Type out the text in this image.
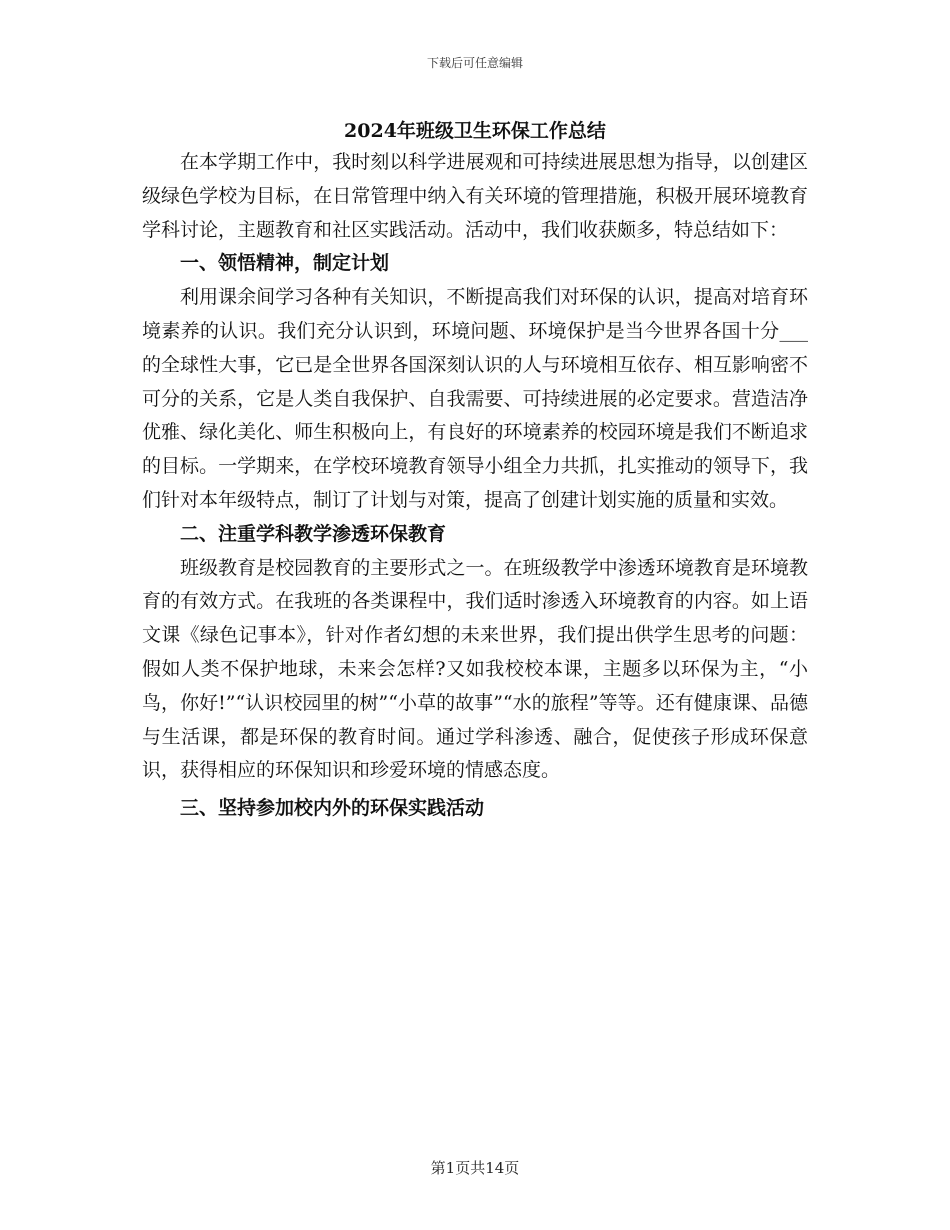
下载后可任意编辑
2024年班级卫生环保工作总结

在本学期工作中，我时刻以科学进展观和可持续进展思想为指导，以创建区级绿色学校为目标，在日常管理中纳入有关环境的管理措施，积极开展环境教育学科讨论，主题教育和社区实践活动。活动中，我们收获颇多，特总结如下：

一、领悟精神，制定计划

利用课余间学习各种有关知识，不断提高我们对环保的认识，提高对培育环境素养的认识。我们充分认识到，环境问题、环境保护是当今世界各国十分___的全球性大事，它已是全世界各国深刻认识的人与环境相互依存、相互影响密不可分的关系，它是人类自我保护、自我需要、可持续进展的必定要求。营造洁净优雅、绿化美化、师生积极向上，有良好的环境素养的校园环境是我们不断追求的目标。一学期来，在学校环境教育领导小组全力共抓，扎实推动的领导下，我们针对本年级特点，制订了计划与对策，提高了创建计划实施的质量和实效。

二、注重学科教学渗透环保教育

班级教育是校园教育的主要形式之一。在班级教学中渗透环境教育是环境教育的有效方式。在我班的各类课程中，我们适时渗透入环境教育的内容。如上语文课《绿色记事本》，针对作者幻想的未来世界，我们提出供学生思考的问题：假如人类不保护地球，未来会怎样?又如我校校本课，主题多以环保为主，“小鸟，你好!”“认识校园里的树”“小草的故事”“水的旅程”等等。还有健康课、品德与生活课，都是环保的教育时间。通过学科渗透、融合，促使孩子形成环保意识，获得相应的环保知识和珍爱环境的情感态度。

三、坚持参加校内外的环保实践活动

第1页共14页
